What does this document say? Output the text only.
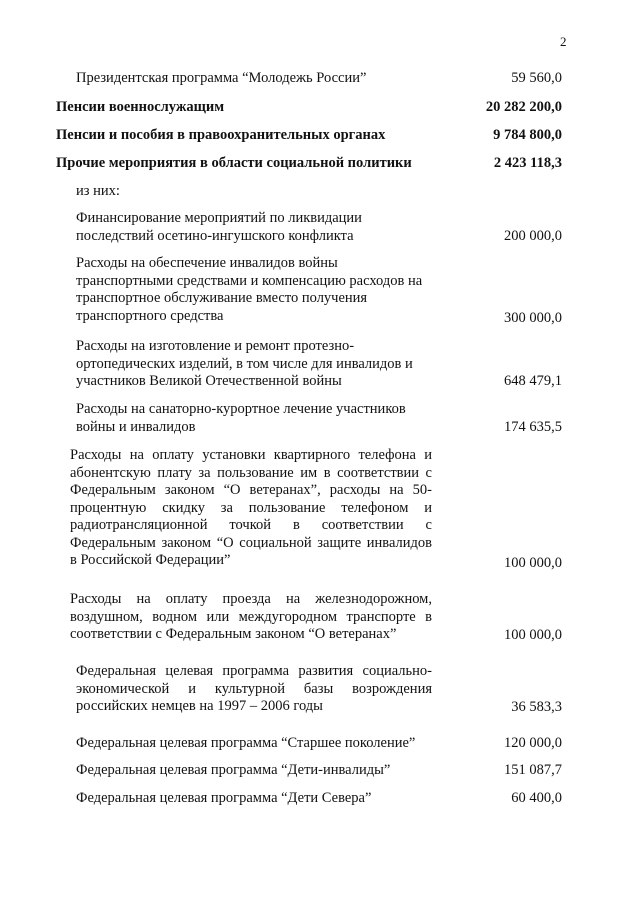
2
Президентская программа “Молодежь России”	59 560,0
Пенсии военнослужащим	20 282 200,0
Пенсии и пособия в правоохранительных органах	9 784 800,0
Прочие мероприятия в области социальной политики	2 423 118,3
из них:
Финансирование мероприятий по ликвидации последствий осетино-ингушского конфликта	200 000,0
Расходы на обеспечение инвалидов войны транспортными средствами и компенсацию расходов на транспортное обслуживание вместо получения транспортного средства	300 000,0
Расходы на изготовление и ремонт протезно-ортопедических изделий, в том числе для инвалидов и участников Великой Отечественной войны	648 479,1
Расходы на санаторно-курортное лечение участников войны и инвалидов	174 635,5
Расходы на оплату установки квартирного телефона и абонентскую плату за пользование им в соответствии с Федеральным законом “О ветеранах”, расходы на 50-процентную скидку за пользование телефоном и радиотрансляционной точкой в соответствии с Федеральным законом “О социальной защите инвалидов в Российской Федерации”	100 000,0
Расходы на оплату проезда на железнодорожном, воздушном, водном или междугородном транспорте в соответствии с Федеральным законом “О ветеранах”	100 000,0
Федеральная целевая программа развития социально-экономической и культурной базы возрождения российских немцев на 1997 – 2006 годы	36 583,3
Федеральная целевая программа “Старшее поколение”	120 000,0
Федеральная целевая программа “Дети-инвалиды”	151 087,7
Федеральная целевая программа “Дети Севера”	60 400,0
